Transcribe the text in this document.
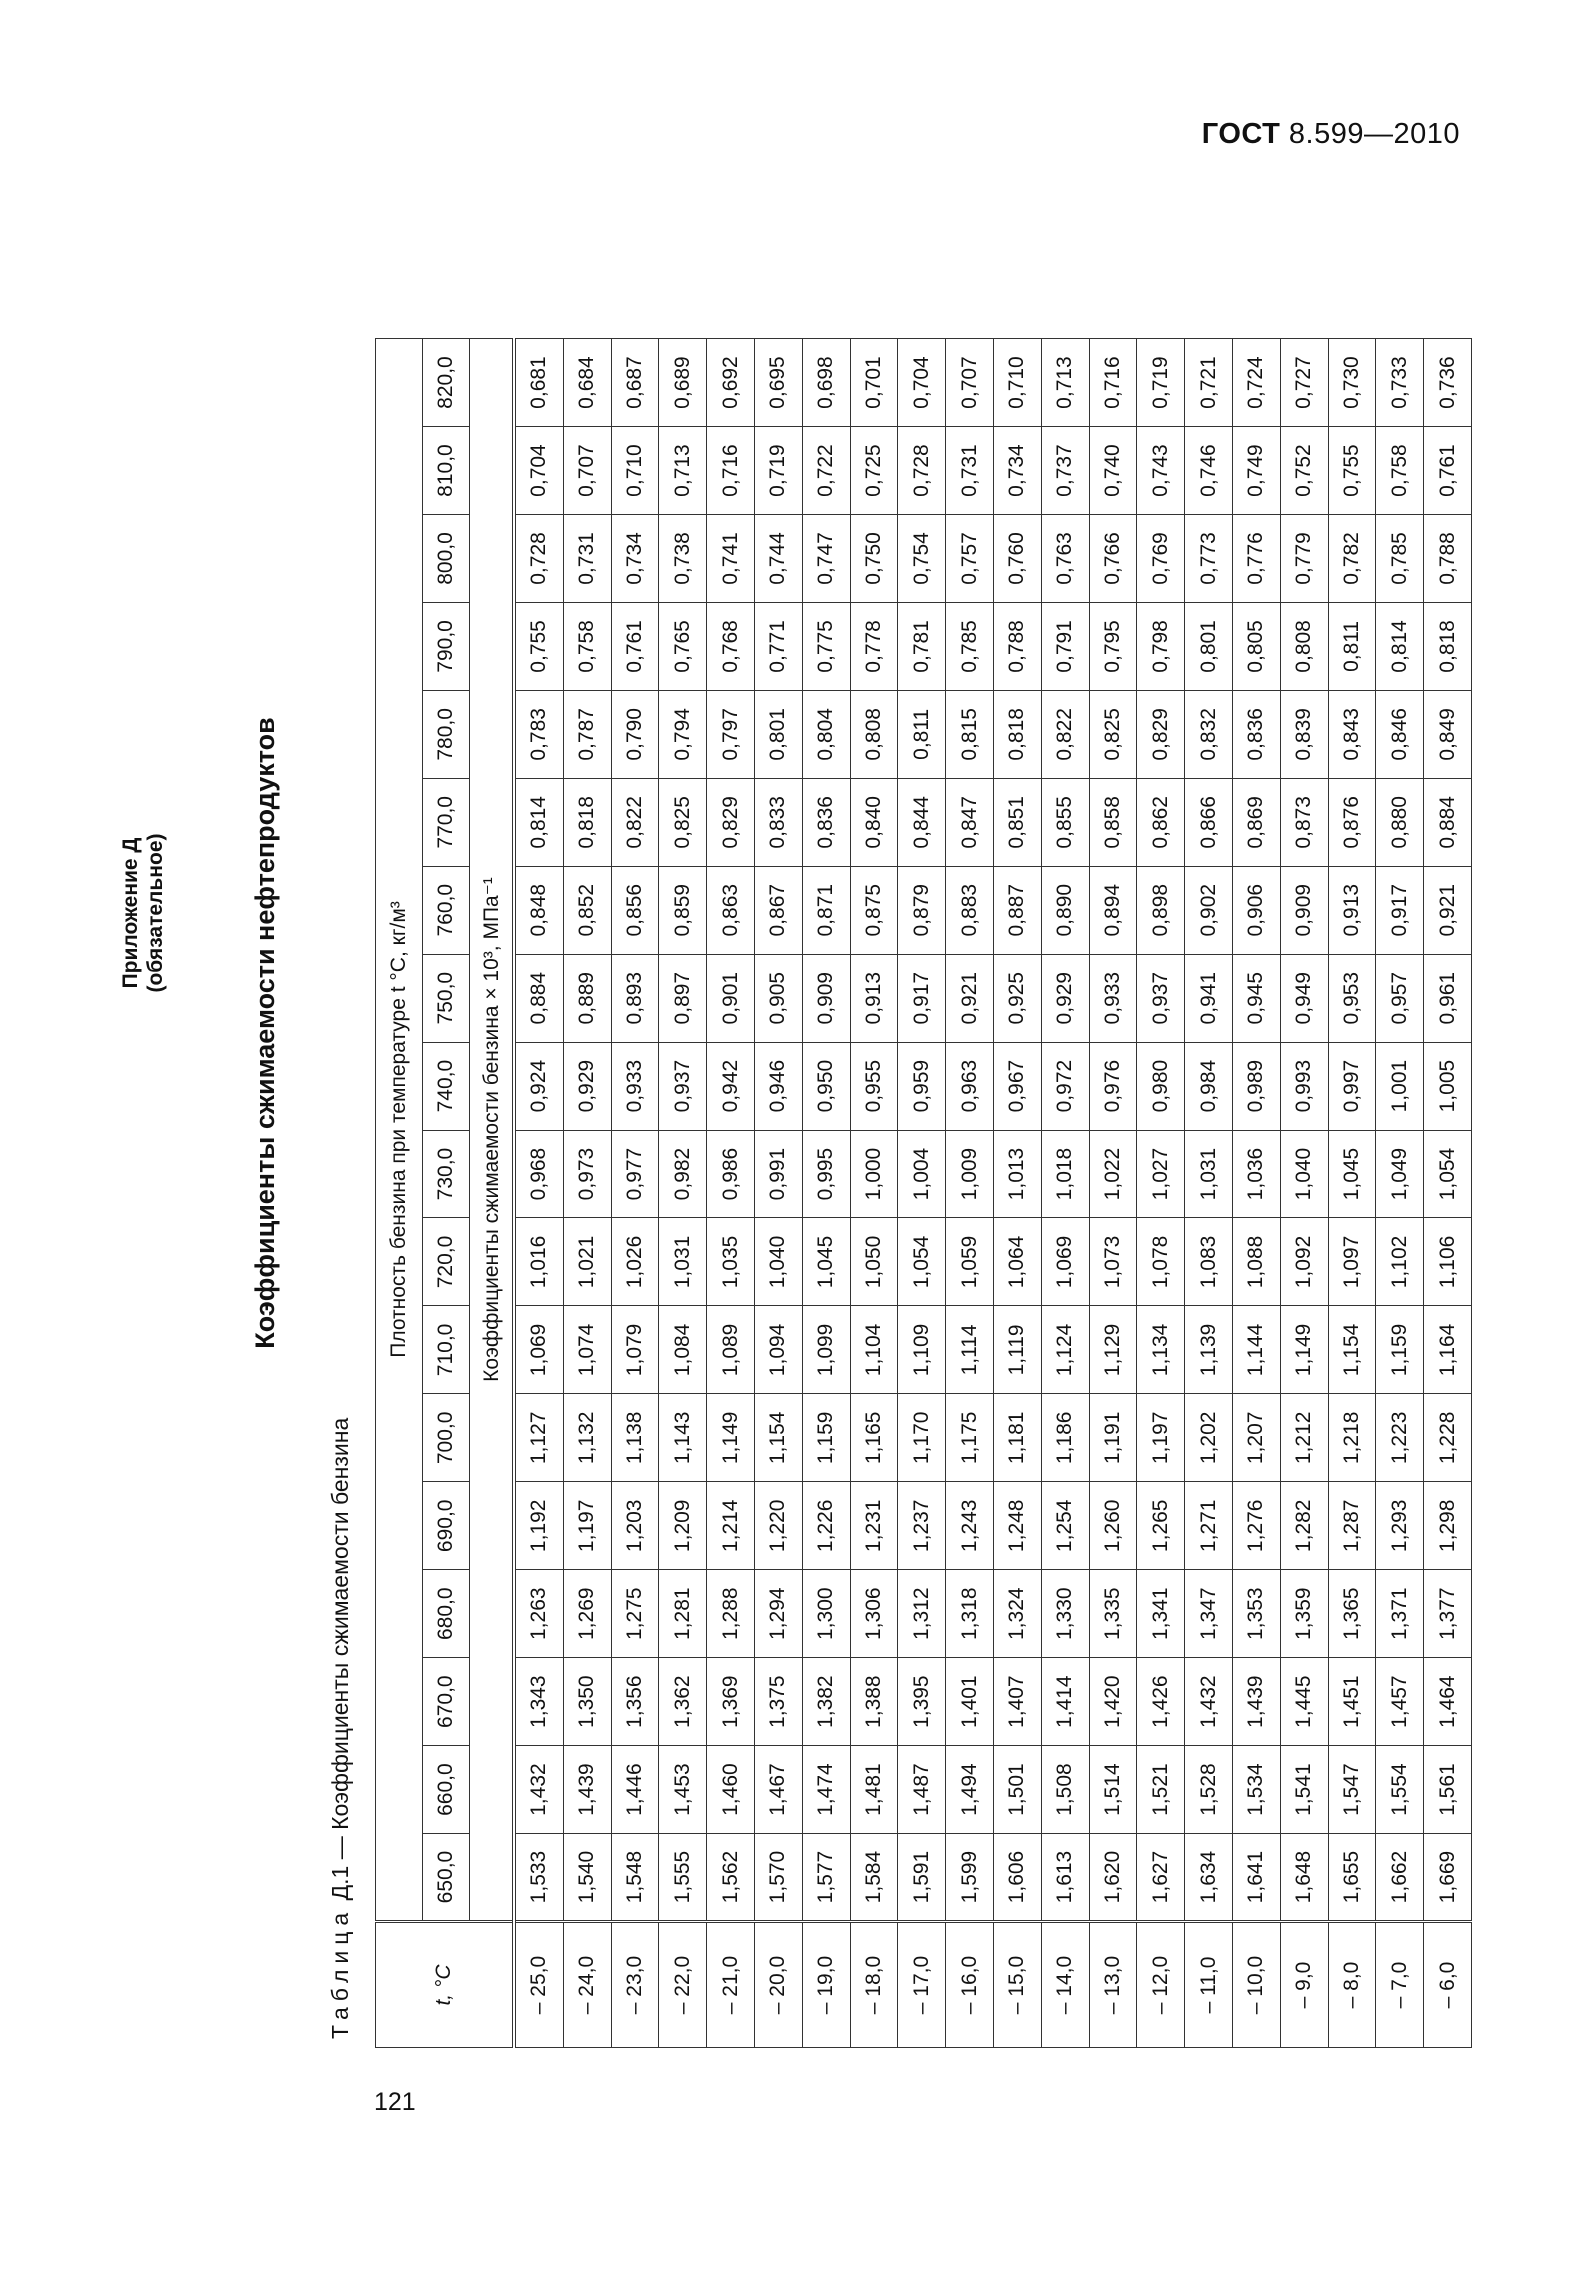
ГОСТ 8.599—2010
121
Приложение Д (обязательное)	Коэффициенты сжимаемости нефтепродуктов
Таблица Д.1 — Коэффициенты сжимаемости бензина
t, °C	Плотность бензина при температуре t °C, кг/м³																	
	650,0	660,0	670,0	680,0	690,0	700,0	710,0	720,0	730,0	740,0	750,0	760,0	770,0	780,0	790,0	800,0	810,0	820,0
	Коэффициенты сжимаемости бензина × 10³, МПа⁻¹																	
– 25,0	1,533	1,432	1,343	1,263	1,192	1,127	1,069	1,016	0,968	0,924	0,884	0,848	0,814	0,783	0,755	0,728	0,704	0,681
– 24,0	1,540	1,439	1,350	1,269	1,197	1,132	1,074	1,021	0,973	0,929	0,889	0,852	0,818	0,787	0,758	0,731	0,707	0,684
– 23,0	1,548	1,446	1,356	1,275	1,203	1,138	1,079	1,026	0,977	0,933	0,893	0,856	0,822	0,790	0,761	0,734	0,710	0,687
– 22,0	1,555	1,453	1,362	1,281	1,209	1,143	1,084	1,031	0,982	0,937	0,897	0,859	0,825	0,794	0,765	0,738	0,713	0,689
– 21,0	1,562	1,460	1,369	1,288	1,214	1,149	1,089	1,035	0,986	0,942	0,901	0,863	0,829	0,797	0,768	0,741	0,716	0,692
– 20,0	1,570	1,467	1,375	1,294	1,220	1,154	1,094	1,040	0,991	0,946	0,905	0,867	0,833	0,801	0,771	0,744	0,719	0,695
– 19,0	1,577	1,474	1,382	1,300	1,226	1,159	1,099	1,045	0,995	0,950	0,909	0,871	0,836	0,804	0,775	0,747	0,722	0,698
– 18,0	1,584	1,481	1,388	1,306	1,231	1,165	1,104	1,050	1,000	0,955	0,913	0,875	0,840	0,808	0,778	0,750	0,725	0,701
– 17,0	1,591	1,487	1,395	1,312	1,237	1,170	1,109	1,054	1,004	0,959	0,917	0,879	0,844	0,811	0,781	0,754	0,728	0,704
– 16,0	1,599	1,494	1,401	1,318	1,243	1,175	1,114	1,059	1,009	0,963	0,921	0,883	0,847	0,815	0,785	0,757	0,731	0,707
– 15,0	1,606	1,501	1,407	1,324	1,248	1,181	1,119	1,064	1,013	0,967	0,925	0,887	0,851	0,818	0,788	0,760	0,734	0,710
– 14,0	1,613	1,508	1,414	1,330	1,254	1,186	1,124	1,069	1,018	0,972	0,929	0,890	0,855	0,822	0,791	0,763	0,737	0,713
– 13,0	1,620	1,514	1,420	1,335	1,260	1,191	1,129	1,073	1,022	0,976	0,933	0,894	0,858	0,825	0,795	0,766	0,740	0,716
– 12,0	1,627	1,521	1,426	1,341	1,265	1,197	1,134	1,078	1,027	0,980	0,937	0,898	0,862	0,829	0,798	0,769	0,743	0,719
– 11,0	1,634	1,528	1,432	1,347	1,271	1,202	1,139	1,083	1,031	0,984	0,941	0,902	0,866	0,832	0,801	0,773	0,746	0,721
– 10,0	1,641	1,534	1,439	1,353	1,276	1,207	1,144	1,088	1,036	0,989	0,945	0,906	0,869	0,836	0,805	0,776	0,749	0,724
– 9,0	1,648	1,541	1,445	1,359	1,282	1,212	1,149	1,092	1,040	0,993	0,949	0,909	0,873	0,839	0,808	0,779	0,752	0,727
– 8,0	1,655	1,547	1,451	1,365	1,287	1,218	1,154	1,097	1,045	0,997	0,953	0,913	0,876	0,843	0,811	0,782	0,755	0,730
– 7,0	1,662	1,554	1,457	1,371	1,293	1,223	1,159	1,102	1,049	1,001	0,957	0,917	0,880	0,846	0,814	0,785	0,758	0,733
– 6,0	1,669	1,561	1,464	1,377	1,298	1,228	1,164	1,106	1,054	1,005	0,961	0,921	0,884	0,849	0,818	0,788	0,761	0,736
